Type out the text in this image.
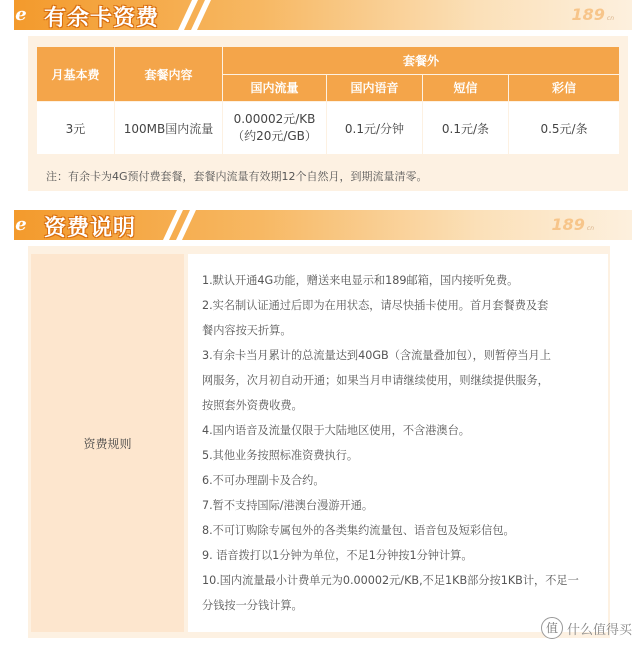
e 有余卡资费	189 cn
月基本费	套餐内容	套餐外			
		国内流量	国内语音	短信	彩信
3元	100MB国内流量	0.00002元/KB（约20元/GB）	0.1元/分钟	0.1元/条	0.5元/条
注：有余卡为4G预付费套餐，套餐内流量有效期12个自然月，到期流量清零。
e 资费说明	189 cn
资费规则
1.默认开通4G功能，赠送来电显示和189邮箱，国内接听免费。
2.实名制认证通过后即为在用状态，请尽快插卡使用。首月套餐费及套
餐内容按天折算。
3.有余卡当月累计的总流量达到40GB（含流量叠加包），则暂停当月上
网服务，次月初自动开通；如果当月申请继续使用，则继续提供服务，
按照套外资费收费。
4.国内语音及流量仅限于大陆地区使用，不含港澳台。
5.其他业务按照标准资费执行。
6.不可办理副卡及合约。
7.暂不支持国际/港澳台漫游开通。
8.不可订购除专属包外的各类集约流量包、语音包及短彩信包。
9. 语音拨打以1分钟为单位，不足1分钟按1分钟计算。
10.国内流量最小计费单元为0.00002元/KB,不足1KB部分按1KB计，不足一
分钱按一分钱计算。
值 什么值得买
